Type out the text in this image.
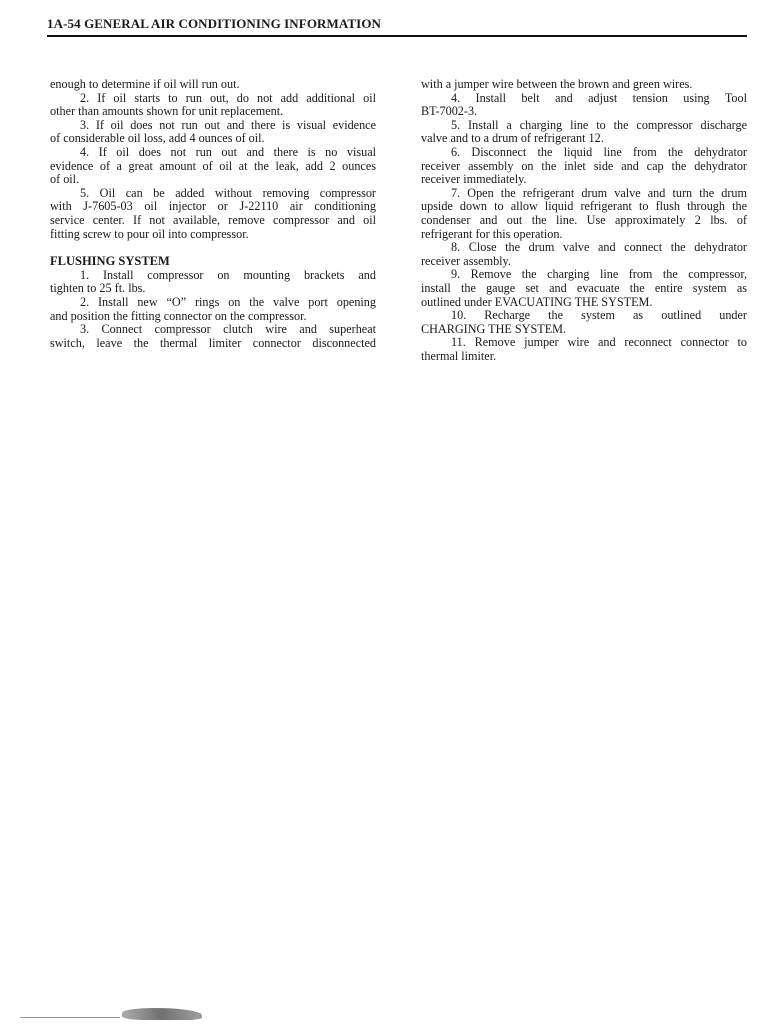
1A-54 GENERAL AIR CONDITIONING INFORMATION
enough to determine if oil will run out.
2. If oil starts to run out, do not add additional oil
other than amounts shown for unit replacement.
3. If oil does not run out and there is visual evidence
of considerable oil loss, add 4 ounces of oil.
4. If oil does not run out and there is no visual
evidence of a great amount of oil at the leak, add 2 ounces
of oil.
5. Oil can be added without removing compressor
with J-7605-03 oil injector or J-22110 air conditioning
service center. If not available, remove compressor and oil
fitting screw to pour oil into compressor.
FLUSHING SYSTEM
1. Install compressor on mounting brackets and
tighten to 25 ft. lbs.
2. Install new “O” rings on the valve port opening
and position the fitting connector on the compressor.
3. Connect compressor clutch wire and superheat
switch, leave the thermal limiter connector disconnected
with a jumper wire between the brown and green wires.
4. Install belt and adjust tension using Tool
BT-7002-3.
5. Install a charging line to the compressor discharge
valve and to a drum of refrigerant 12.
6. Disconnect the liquid line from the dehydrator
receiver assembly on the inlet side and cap the dehydrator
receiver immediately.
7. Open the refrigerant drum valve and turn the drum
upside down to allow liquid refrigerant to flush through the
condenser and out the line. Use approximately 2 lbs. of
refrigerant for this operation.
8. Close the drum valve and connect the dehydrator
receiver assembly.
9. Remove the charging line from the compressor,
install the gauge set and evacuate the entire system as
outlined under EVACUATING THE SYSTEM.
10. Recharge the system as outlined under
CHARGING THE SYSTEM.
11. Remove jumper wire and reconnect connector to
thermal limiter.
